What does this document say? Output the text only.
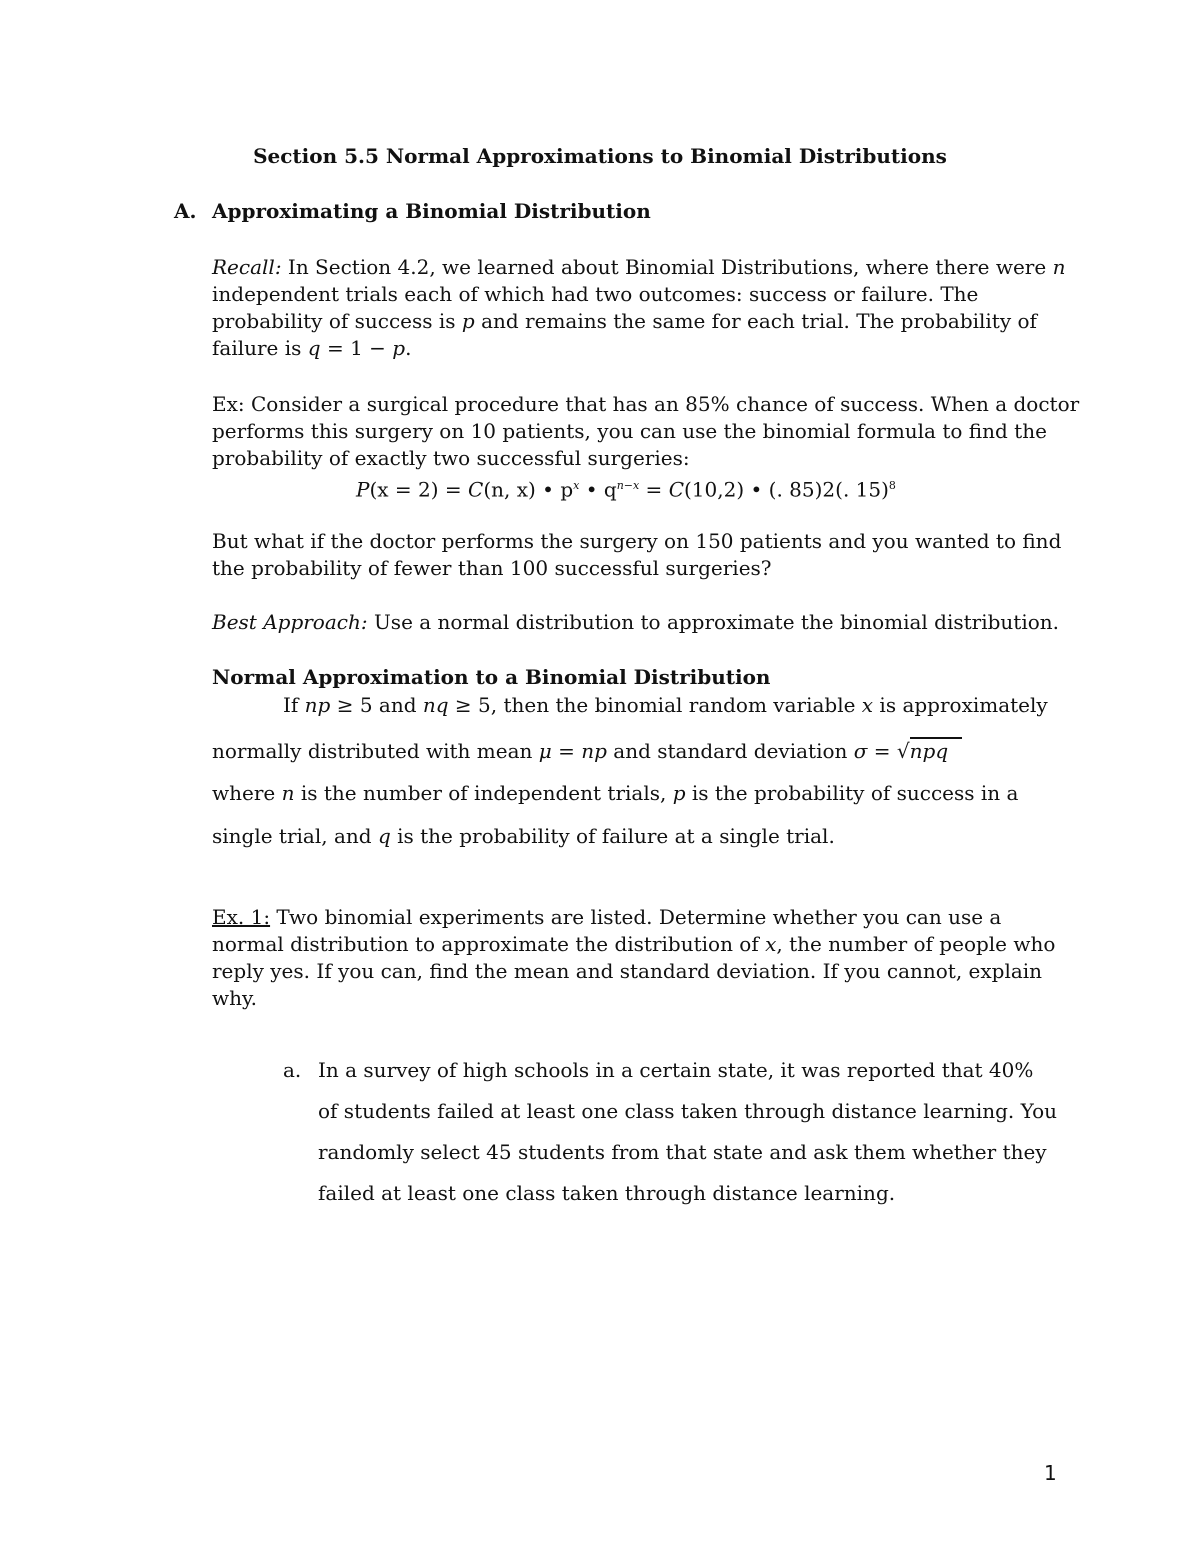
Section 5.5 Normal Approximations to Binomial Distributions
A. Approximating a Binomial Distribution
Recall: In Section 4.2, we learned about Binomial Distributions, where there were n
independent trials each of which had two outcomes: success or failure. The
probability of success is p and remains the same for each trial. The probability of
failure is q = 1 − p.
Ex: Consider a surgical procedure that has an 85% chance of success. When a doctor
performs this surgery on 10 patients, you can use the binomial formula to find the
probability of exactly two successful surgeries:
P(x = 2) = C(n, x) • $p^x$ • $q^{n-x} = C(10,2)$ • (. 85)2(. 15)$^8$
But what if the doctor performs the surgery on 150 patients and you wanted to find
the probability of fewer than 100 successful surgeries?
Best Approach: Use a normal distribution to approximate the binomial distribution.
Normal Approximation to a Binomial Distribution
If np ≥ 5 and nq ≥ 5, then the binomial random variable x is approximately
normally distributed with mean μ = np and standard deviation σ = √npq
where n is the number of independent trials, p is the probability of success in a
single trial, and q is the probability of failure at a single trial.
Ex. 1: Two binomial experiments are listed. Determine whether you can use a
normal distribution to approximate the distribution of x, the number of people who
reply yes. If you can, find the mean and standard deviation. If you cannot, explain
why.
a. In a survey of high schools in a certain state, it was reported that 40%
of students failed at least one class taken through distance learning. You
randomly select 45 students from that state and ask them whether they
failed at least one class taken through distance learning.
1
